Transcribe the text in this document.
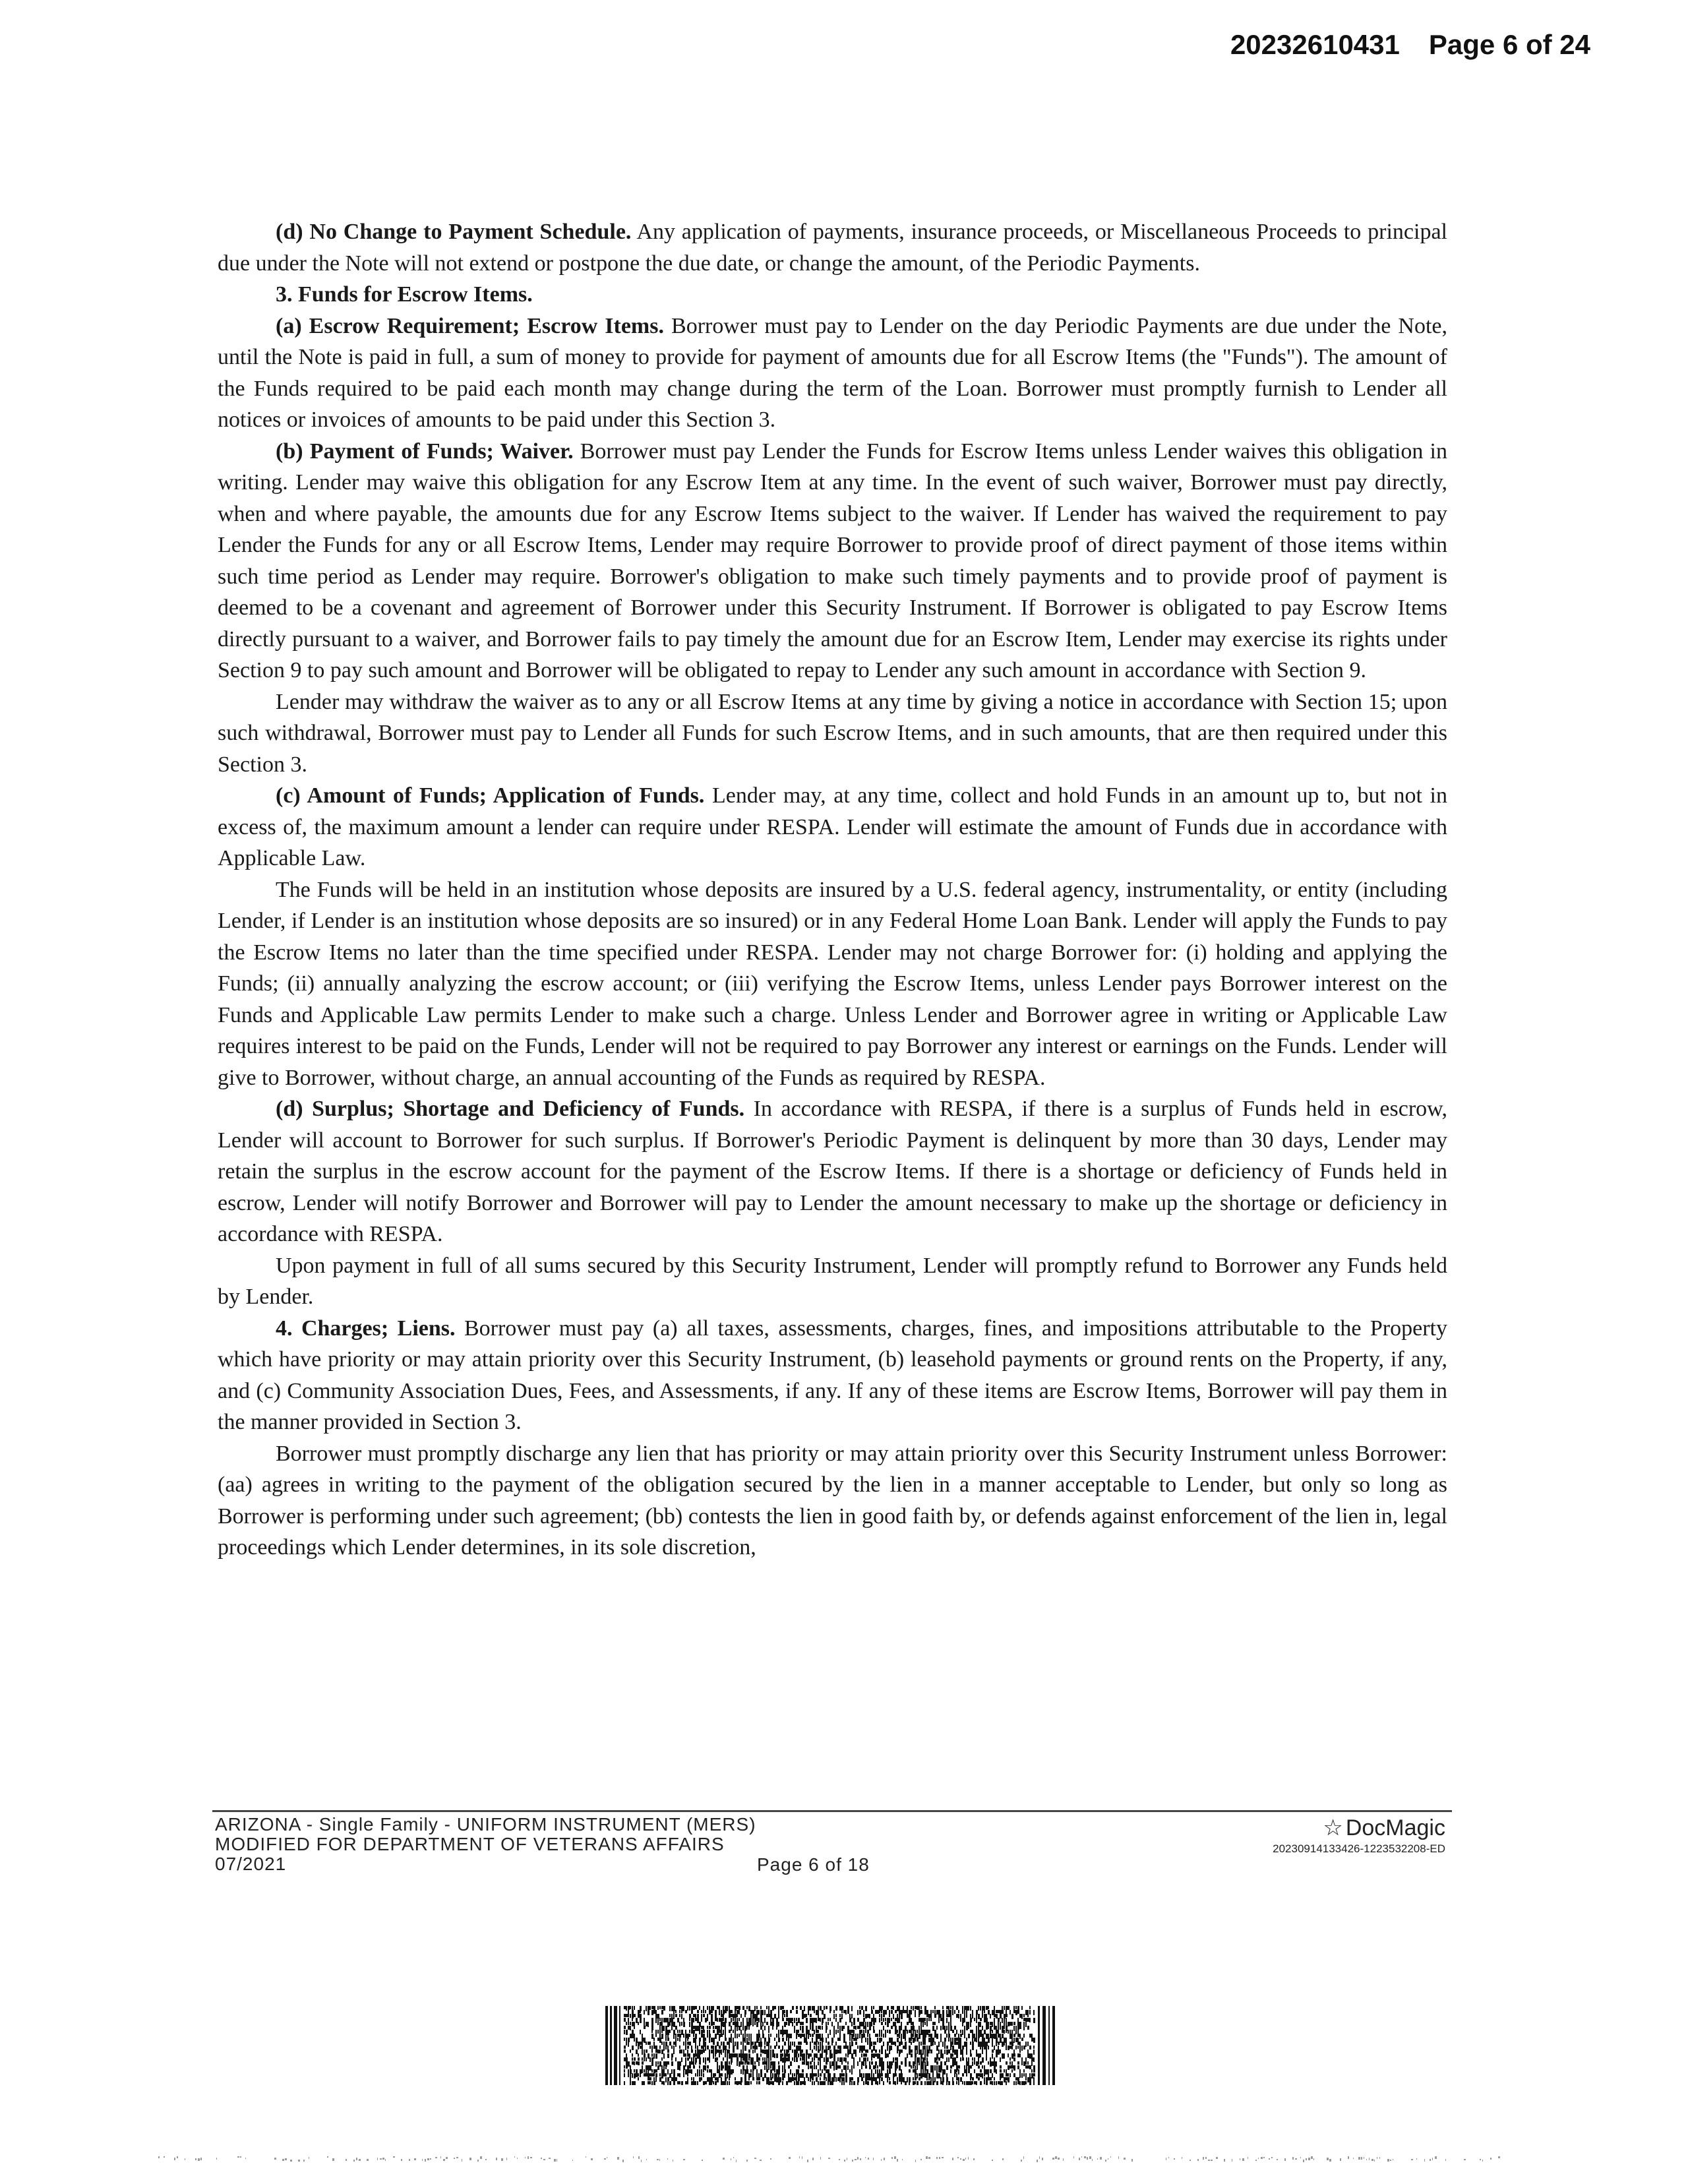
20232610431 Page 6 of 24

(d) No Change to Payment Schedule. Any application of payments, insurance proceeds, or Miscellaneous Proceeds to principal due under the Note will not extend or postpone the due date, or change the amount, of the Periodic Payments.

3. Funds for Escrow Items.

(a) Escrow Requirement; Escrow Items. Borrower must pay to Lender on the day Periodic Payments are due under the Note, until the Note is paid in full, a sum of money to provide for payment of amounts due for all Escrow Items (the "Funds"). The amount of the Funds required to be paid each month may change during the term of the Loan. Borrower must promptly furnish to Lender all notices or invoices of amounts to be paid under this Section 3.

(b) Payment of Funds; Waiver. Borrower must pay Lender the Funds for Escrow Items unless Lender waives this obligation in writing. Lender may waive this obligation for any Escrow Item at any time. In the event of such waiver, Borrower must pay directly, when and where payable, the amounts due for any Escrow Items subject to the waiver. If Lender has waived the requirement to pay Lender the Funds for any or all Escrow Items, Lender may require Borrower to provide proof of direct payment of those items within such time period as Lender may require. Borrower's obligation to make such timely payments and to provide proof of payment is deemed to be a covenant and agreement of Borrower under this Security Instrument. If Borrower is obligated to pay Escrow Items directly pursuant to a waiver, and Borrower fails to pay timely the amount due for an Escrow Item, Lender may exercise its rights under Section 9 to pay such amount and Borrower will be obligated to repay to Lender any such amount in accordance with Section 9.

Lender may withdraw the waiver as to any or all Escrow Items at any time by giving a notice in accordance with Section 15; upon such withdrawal, Borrower must pay to Lender all Funds for such Escrow Items, and in such amounts, that are then required under this Section 3.

(c) Amount of Funds; Application of Funds. Lender may, at any time, collect and hold Funds in an amount up to, but not in excess of, the maximum amount a lender can require under RESPA. Lender will estimate the amount of Funds due in accordance with Applicable Law.

The Funds will be held in an institution whose deposits are insured by a U.S. federal agency, instrumentality, or entity (including Lender, if Lender is an institution whose deposits are so insured) or in any Federal Home Loan Bank. Lender will apply the Funds to pay the Escrow Items no later than the time specified under RESPA. Lender may not charge Borrower for: (i) holding and applying the Funds; (ii) annually analyzing the escrow account; or (iii) verifying the Escrow Items, unless Lender pays Borrower interest on the Funds and Applicable Law permits Lender to make such a charge. Unless Lender and Borrower agree in writing or Applicable Law requires interest to be paid on the Funds, Lender will not be required to pay Borrower any interest or earnings on the Funds. Lender will give to Borrower, without charge, an annual accounting of the Funds as required by RESPA.

(d) Surplus; Shortage and Deficiency of Funds. In accordance with RESPA, if there is a surplus of Funds held in escrow, Lender will account to Borrower for such surplus. If Borrower's Periodic Payment is delinquent by more than 30 days, Lender may retain the surplus in the escrow account for the payment of the Escrow Items. If there is a shortage or deficiency of Funds held in escrow, Lender will notify Borrower and Borrower will pay to Lender the amount necessary to make up the shortage or deficiency in accordance with RESPA.

Upon payment in full of all sums secured by this Security Instrument, Lender will promptly refund to Borrower any Funds held by Lender.

4. Charges; Liens. Borrower must pay (a) all taxes, assessments, charges, fines, and impositions attributable to the Property which have priority or may attain priority over this Security Instrument, (b) leasehold payments or ground rents on the Property, if any, and (c) Community Association Dues, Fees, and Assessments, if any. If any of these items are Escrow Items, Borrower will pay them in the manner provided in Section 3.

Borrower must promptly discharge any lien that has priority or may attain priority over this Security Instrument unless Borrower: (aa) agrees in writing to the payment of the obligation secured by the lien in a manner acceptable to Lender, but only so long as Borrower is performing under such agreement; (bb) contests the lien in good faith by, or defends against enforcement of the lien in, legal proceedings which Lender determines, in its sole discretion,

ARIZONA - Single Family - UNIFORM INSTRUMENT (MERS)
MODIFIED FOR DEPARTMENT OF VETERANS AFFAIRS
07/2021	Page 6 of 18
☆ DocMagic
20230914133426-1223532208-ED
